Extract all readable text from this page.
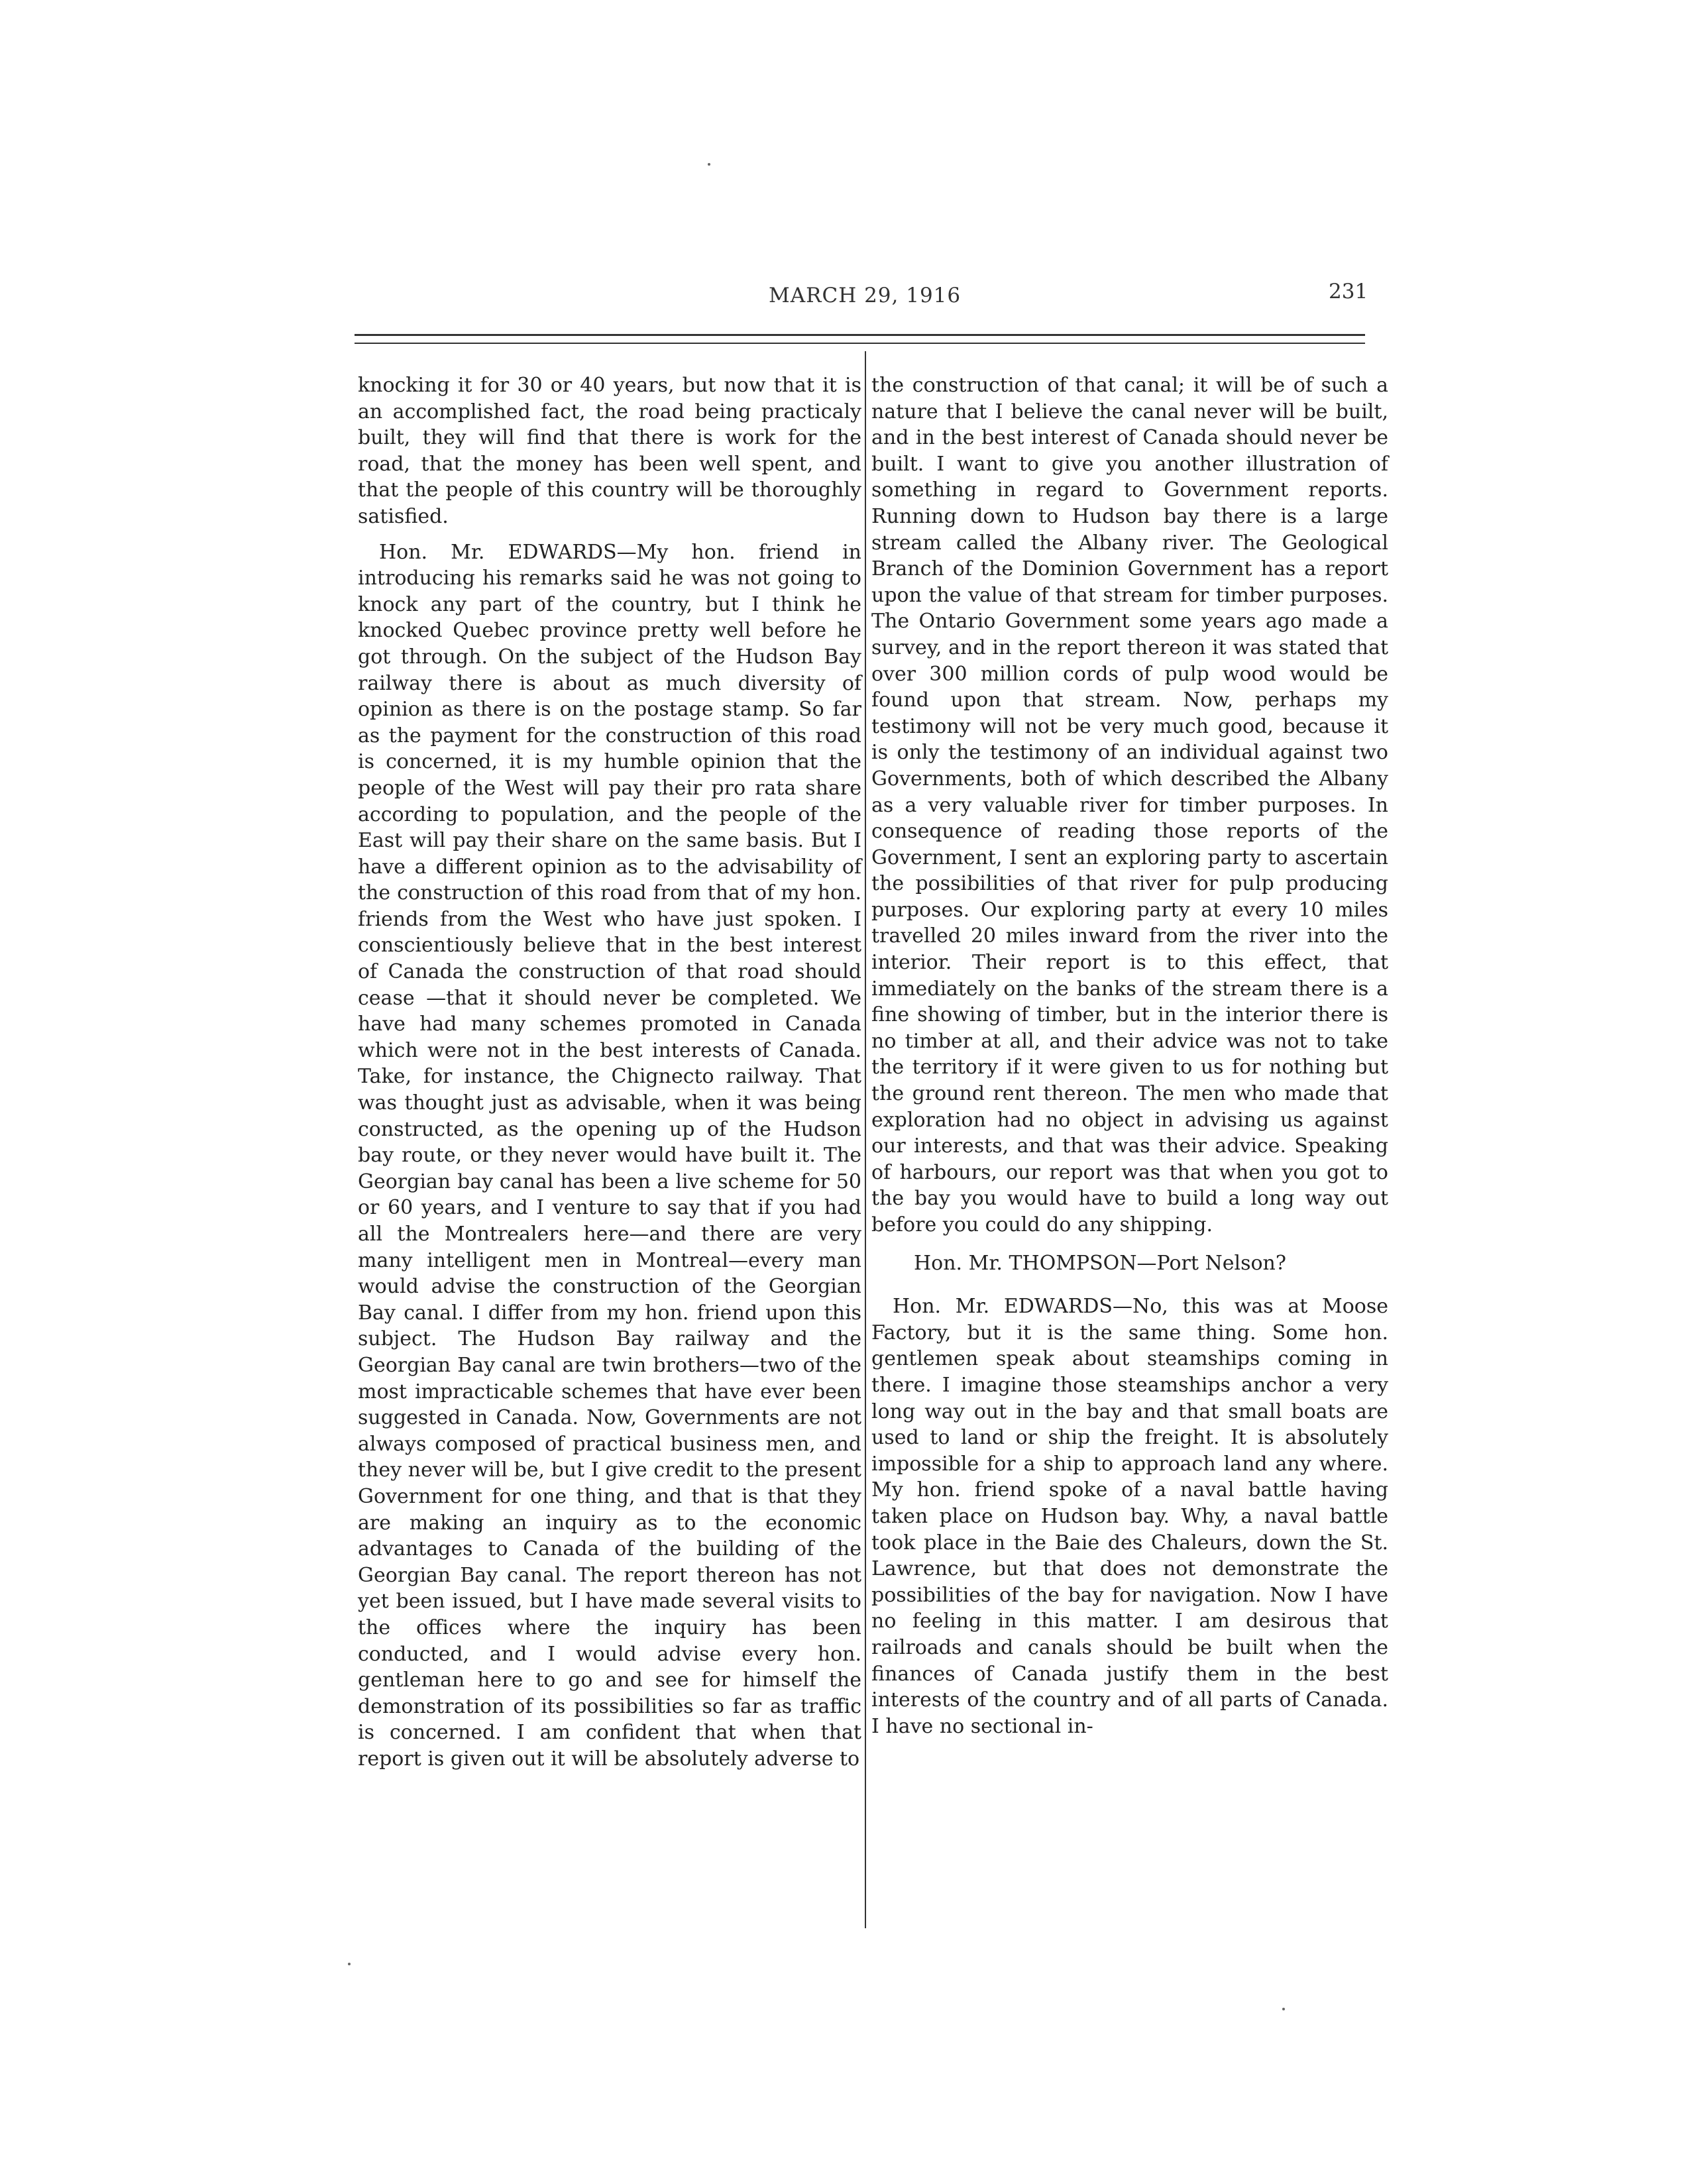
MARCH 29, 1916	231

knocking it for 30 or 40 years, but now that it is an accomplished fact, the road being practicaly built, they will find that there is work for the road, that the money has been well spent, and that the people of this country will be thoroughly satisfied.

Hon. Mr. EDWARDS—My hon. friend in introducing his remarks said he was not going to knock any part of the country, but I think he knocked Quebec province pretty well before he got through. On the subject of the Hudson Bay railway there is about as much diversity of opinion as there is on the postage stamp. So far as the payment for the construction of this road is concerned, it is my humble opinion that the people of the West will pay their pro rata share according to population, and the people of the East will pay their share on the same basis. But I have a different opinion as to the advisability of the construction of this road from that of my hon. friends from the West who have just spoken. I conscientiously believe that in the best interest of Canada the construction of that road should cease —that it should never be completed. We have had many schemes promoted in Canada which were not in the best interests of Canada. Take, for instance, the Chignecto railway. That was thought just as advisable, when it was being constructed, as the opening up of the Hudson bay route, or they never would have built it. The Georgian bay canal has been a live scheme for 50 or 60 years, and I venture to say that if you had all the Montrealers here—and there are very many intelligent men in Montreal—every man would advise the construction of the Georgian Bay canal. I differ from my hon. friend upon this subject. The Hudson Bay railway and the Georgian Bay canal are twin brothers—two of the most impracticable schemes that have ever been suggested in Canada. Now, Governments are not always composed of practical business men, and they never will be, but I give credit to the present Government for one thing, and that is that they are making an inquiry as to the economic advantages to Canada of the building of the Georgian Bay canal. The report thereon has not yet been issued, but I have made several visits to the offices where the inquiry has been conducted, and I would advise every hon. gentleman here to go and see for himself the demonstration of its possibilities so far as traffic is concerned. I am confident that when that report is given out it will be absolutely adverse to

the construction of that canal; it will be of such a nature that I believe the canal never will be built, and in the best interest of Canada should never be built. I want to give you another illustration of something in regard to Government reports. Running down to Hudson bay there is a large stream called the Albany river. The Geological Branch of the Dominion Government has a report upon the value of that stream for timber purposes. The Ontario Government some years ago made a survey, and in the report thereon it was stated that over 300 million cords of pulp wood would be found upon that stream. Now, perhaps my testimony will not be very much good, because it is only the testimony of an individual against two Governments, both of which described the Albany as a very valuable river for timber purposes. In consequence of reading those reports of the Government, I sent an exploring party to ascertain the possibilities of that river for pulp producing purposes. Our exploring party at every 10 miles travelled 20 miles inward from the river into the interior. Their report is to this effect, that immediately on the banks of the stream there is a fine showing of timber, but in the interior there is no timber at all, and their advice was not to take the territory if it were given to us for nothing but the ground rent thereon. The men who made that exploration had no object in advising us against our interests, and that was their advice. Speaking of harbours, our report was that when you got to the bay you would have to build a long way out before you could do any shipping.

Hon. Mr. THOMPSON—Port Nelson?

Hon. Mr. EDWARDS—No, this was at Moose Factory, but it is the same thing. Some hon. gentlemen speak about steamships coming in there. I imagine those steamships anchor a very long way out in the bay and that small boats are used to land or ship the freight. It is absolutely impossible for a ship to approach land any where. My hon. friend spoke of a naval battle having taken place on Hudson bay. Why, a naval battle took place in the Baie des Chaleurs, down the St. Lawrence, but that does not demonstrate the possibilities of the bay for navigation. Now I have no feeling in this matter. I am desirous that railroads and canals should be built when the finances of Canada justify them in the best interests of the country and of all parts of Canada. I have no sectional in-
